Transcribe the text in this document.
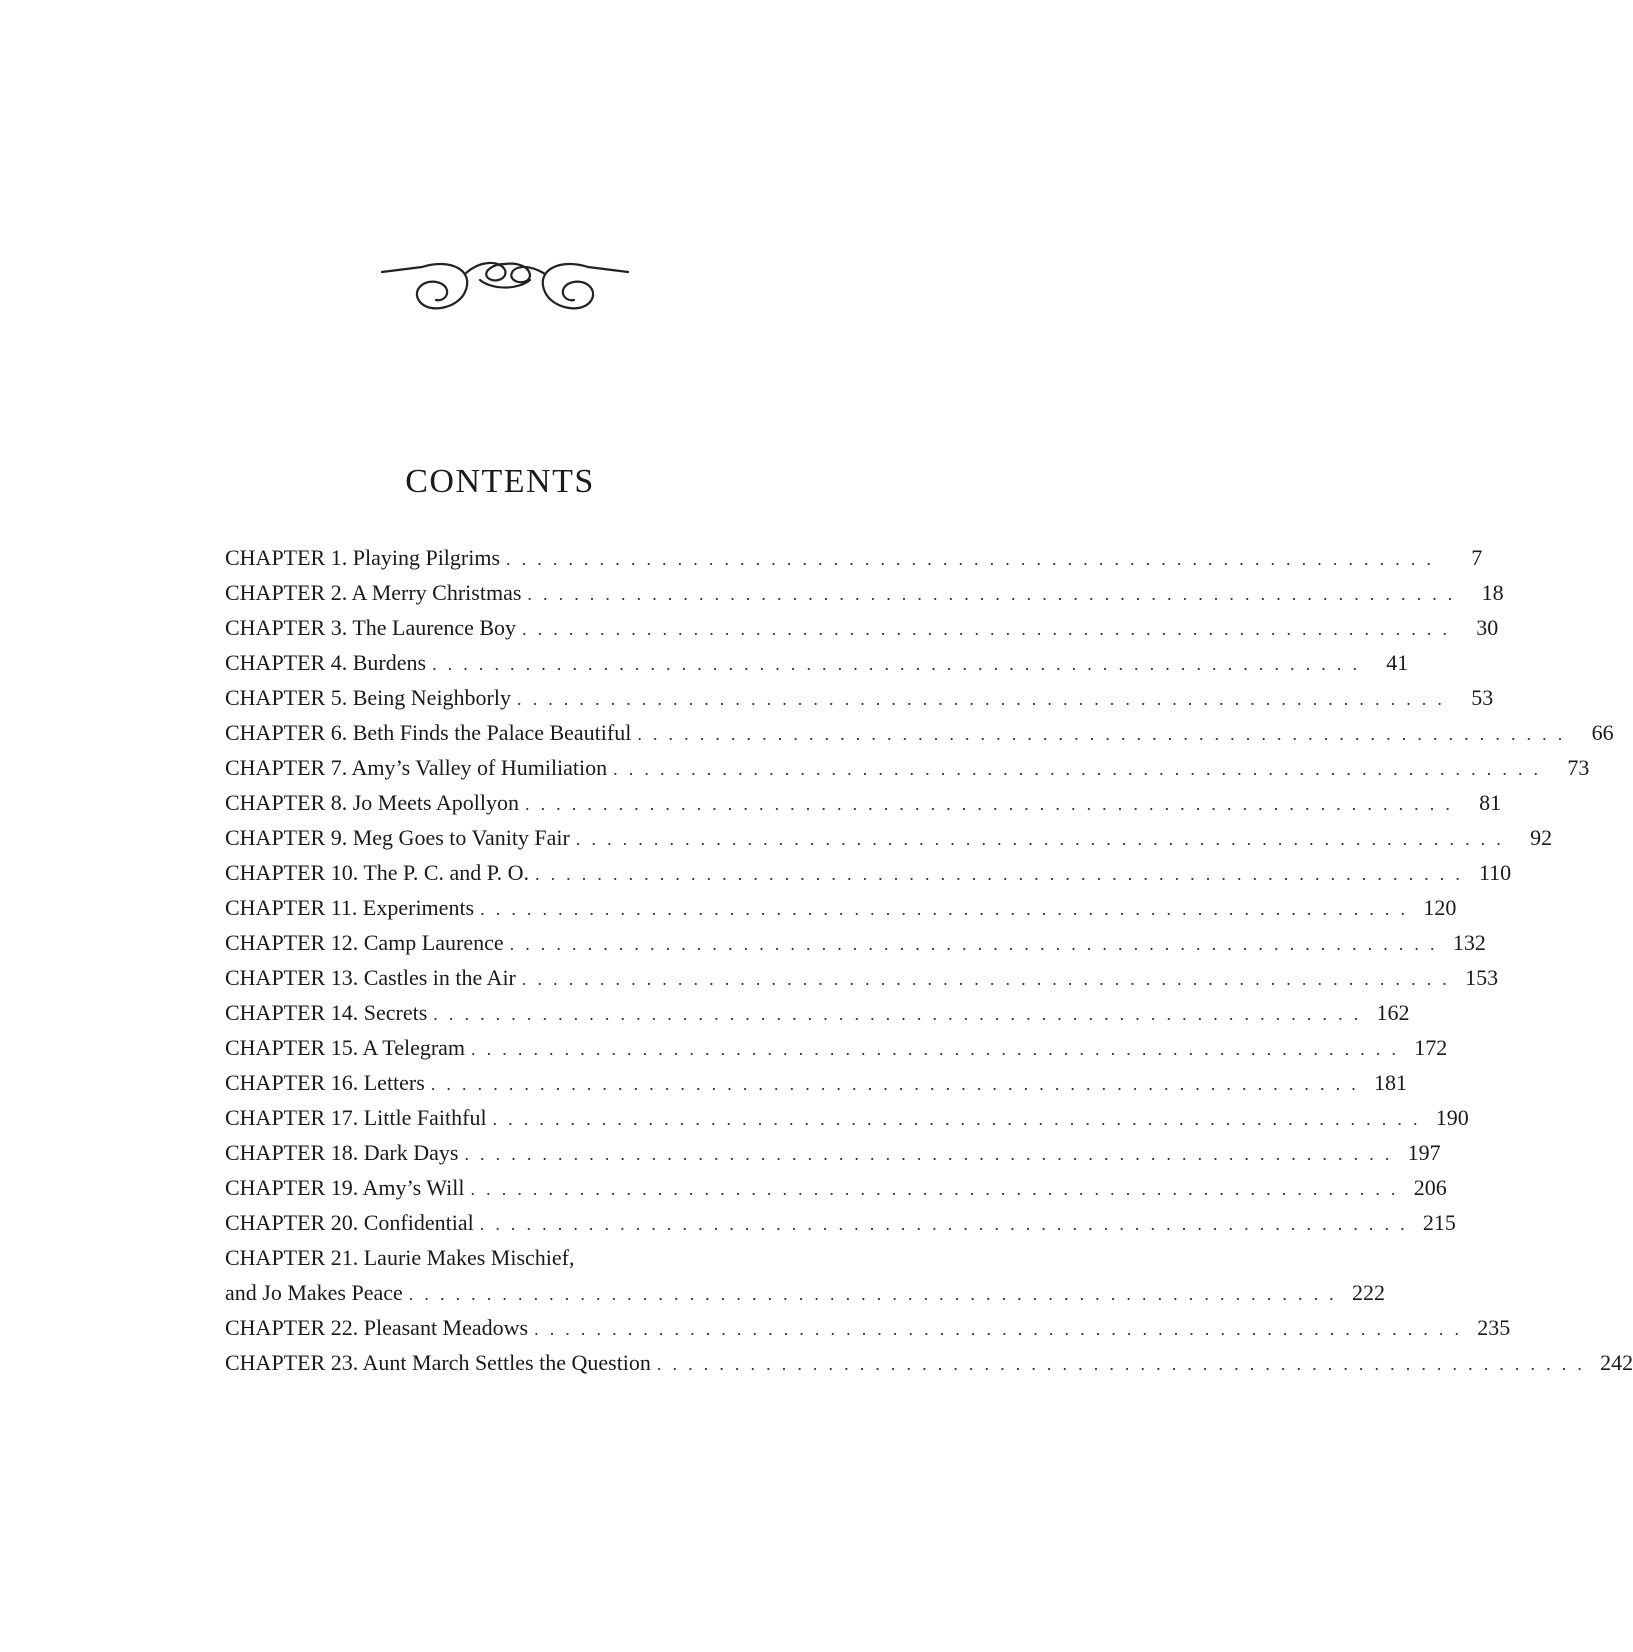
CONTENTS
CHAPTER 1. Playing Pilgrims . . . . . . . . . . . . . . . . . . . . . . . . . . . . . . . . . . . . . . . . . . . . . . . . . . . . . . . . . . . .	7
CHAPTER 2. A Merry Christmas . . . . . . . . . . . . . . . . . . . . . . . . . . . . . . . . . . . . . . . . . . . . . . . . . . . . . . . . . . . .	18
CHAPTER 3. The Laurence Boy . . . . . . . . . . . . . . . . . . . . . . . . . . . . . . . . . . . . . . . . . . . . . . . . . . . . . . . . . . . .	30
CHAPTER 4. Burdens . . . . . . . . . . . . . . . . . . . . . . . . . . . . . . . . . . . . . . . . . . . . . . . . . . . . . . . . . . . .	41
CHAPTER 5. Being Neighborly . . . . . . . . . . . . . . . . . . . . . . . . . . . . . . . . . . . . . . . . . . . . . . . . . . . . . . . . . . . .	53
CHAPTER 6. Beth Finds the Palace Beautiful . . . . . . . . . . . . . . . . . . . . . . . . . . . . . . . . . . . . . . . . . . . . . . . . . . . . . . . . . . . .	66
CHAPTER 7. Amy’s Valley of Humiliation . . . . . . . . . . . . . . . . . . . . . . . . . . . . . . . . . . . . . . . . . . . . . . . . . . . . . . . . . . . .	73
CHAPTER 8. Jo Meets Apollyon . . . . . . . . . . . . . . . . . . . . . . . . . . . . . . . . . . . . . . . . . . . . . . . . . . . . . . . . . . . .	81
CHAPTER 9. Meg Goes to Vanity Fair . . . . . . . . . . . . . . . . . . . . . . . . . . . . . . . . . . . . . . . . . . . . . . . . . . . . . . . . . . . .	92
CHAPTER 10. The P. C. and P. O. . . . . . . . . . . . . . . . . . . . . . . . . . . . . . . . . . . . . . . . . . . . . . . . . . . . . . . . . . . . . 110
CHAPTER 11. Experiments . . . . . . . . . . . . . . . . . . . . . . . . . . . . . . . . . . . . . . . . . . . . . . . . . . . . . . . . . . . . 120
CHAPTER 12. Camp Laurence . . . . . . . . . . . . . . . . . . . . . . . . . . . . . . . . . . . . . . . . . . . . . . . . . . . . . . . . . . . . 132
CHAPTER 13. Castles in the Air . . . . . . . . . . . . . . . . . . . . . . . . . . . . . . . . . . . . . . . . . . . . . . . . . . . . . . . . . . . . 153
CHAPTER 14. Secrets . . . . . . . . . . . . . . . . . . . . . . . . . . . . . . . . . . . . . . . . . . . . . . . . . . . . . . . . . . . . 162
CHAPTER 15. A Telegram . . . . . . . . . . . . . . . . . . . . . . . . . . . . . . . . . . . . . . . . . . . . . . . . . . . . . . . . . . . . 172
CHAPTER 16. Letters . . . . . . . . . . . . . . . . . . . . . . . . . . . . . . . . . . . . . . . . . . . . . . . . . . . . . . . . . . . . 181
CHAPTER 17. Little Faithful . . . . . . . . . . . . . . . . . . . . . . . . . . . . . . . . . . . . . . . . . . . . . . . . . . . . . . . . . . . . 190
CHAPTER 18. Dark Days . . . . . . . . . . . . . . . . . . . . . . . . . . . . . . . . . . . . . . . . . . . . . . . . . . . . . . . . . . . . 197
CHAPTER 19. Amy’s Will . . . . . . . . . . . . . . . . . . . . . . . . . . . . . . . . . . . . . . . . . . . . . . . . . . . . . . . . . . . . 206
CHAPTER 20. Confidential . . . . . . . . . . . . . . . . . . . . . . . . . . . . . . . . . . . . . . . . . . . . . . . . . . . . . . . . . . . . 215
CHAPTER 21. Laurie Makes Mischief,
and Jo Makes Peace . . . . . . . . . . . . . . . . . . . . . . . . . . . . . . . . . . . . . . . . . . . . . . . . . . . . . . . . . . . . 222
CHAPTER 22. Pleasant Meadows . . . . . . . . . . . . . . . . . . . . . . . . . . . . . . . . . . . . . . . . . . . . . . . . . . . . . . . . . . . . 235
CHAPTER 23. Aunt March Settles the Question . . . . . . . . . . . . . . . . . . . . . . . . . . . . . . . . . . . . . . . . . . . . . . . . . . . . . . . . . . . . 242
